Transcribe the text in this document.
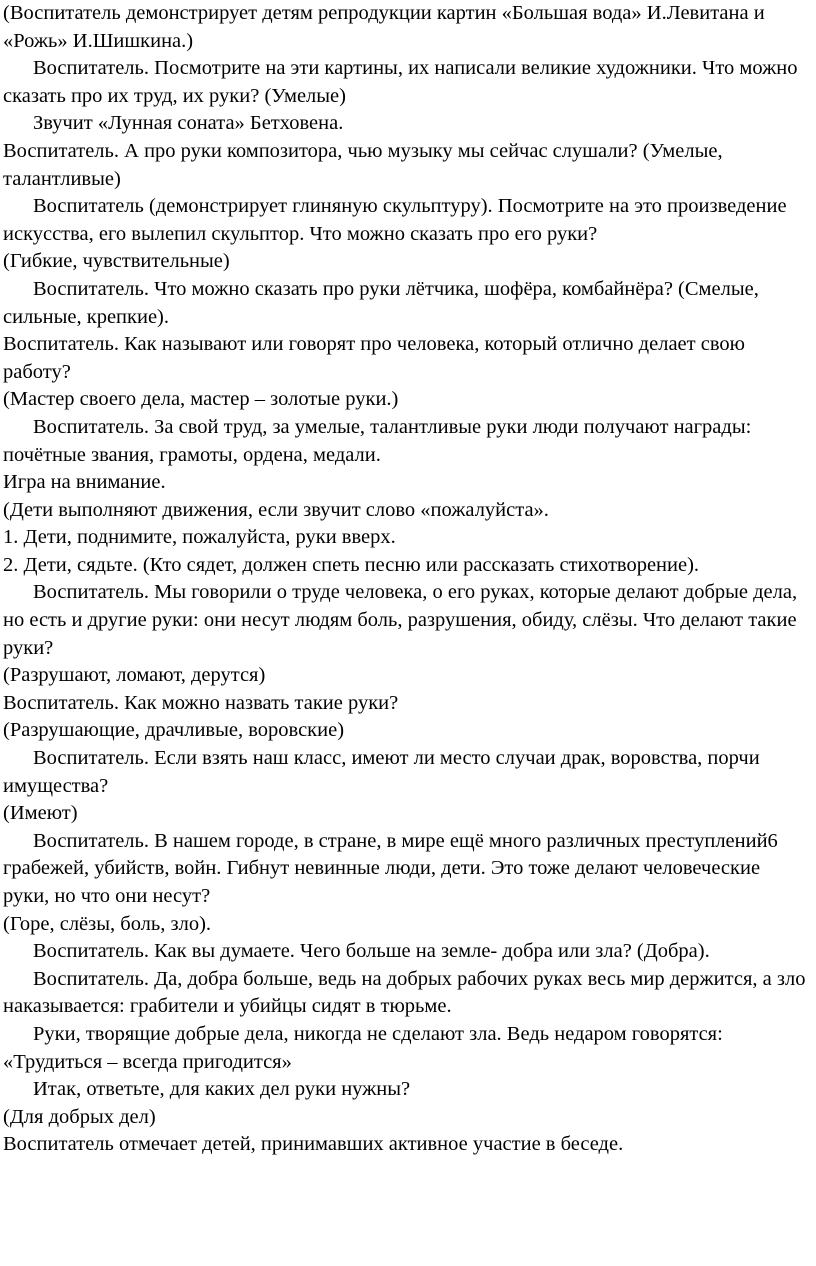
(Воспитатель демонстрирует детям репродукции картин «Большая вода» И.Левитана и «Рожь» И.Шишкина.)

Воспитатель. Посмотрите на эти картины, их написали великие художники. Что можно сказать про их труд, их руки? (Умелые)

Звучит «Лунная соната» Бетховена.

Воспитатель. А про руки композитора, чью музыку мы сейчас слушали? (Умелые, талантливые)

Воспитатель (демонстрирует глиняную скульптуру). Посмотрите на это произведение искусства, его вылепил скульптор. Что можно сказать про его руки?

(Гибкие, чувствительные)

Воспитатель. Что можно сказать про руки лётчика, шофёра, комбайнёра? (Смелые, сильные, крепкие).

Воспитатель. Как называют или говорят про человека, который отлично делает свою работу?

(Мастер своего дела, мастер – золотые руки.)

Воспитатель. За свой труд, за умелые, талантливые руки люди получают награды: почётные звания, грамоты, ордена, медали.

Игра на внимание.

(Дети выполняют движения, если звучит слово «пожалуйста».

1. Дети, поднимите, пожалуйста, руки вверх.

2. Дети, сядьте. (Кто сядет, должен спеть песню или рассказать стихотворение).

Воспитатель. Мы говорили о труде человека, о его руках, которые делают добрые дела, но есть и другие руки: они несут людям боль, разрушения, обиду, слёзы. Что делают такие руки?

(Разрушают, ломают, дерутся)

Воспитатель. Как можно назвать такие руки?

(Разрушающие, драчливые, воровские)

Воспитатель. Если взять наш класс, имеют ли место случаи драк, воровства, порчи имущества?

(Имеют)

Воспитатель. В нашем городе, в стране, в мире ещё много различных преступлений6 грабежей, убийств, войн. Гибнут невинные люди, дети. Это тоже делают человеческие руки, но что они несут?

(Горе, слёзы, боль, зло).

Воспитатель. Как вы думаете. Чего больше на земле- добра или зла? (Добра).

Воспитатель. Да, добра больше, ведь на добрых рабочих руках весь мир держится, а зло наказывается: грабители и убийцы сидят в тюрьме.

Руки, творящие добрые дела, никогда не сделают зла. Ведь недаром говорятся: «Трудиться – всегда пригодится»

Итак, ответьте, для каких дел руки нужны?

(Для добрых дел)

Воспитатель отмечает детей, принимавших активное участие в беседе.
